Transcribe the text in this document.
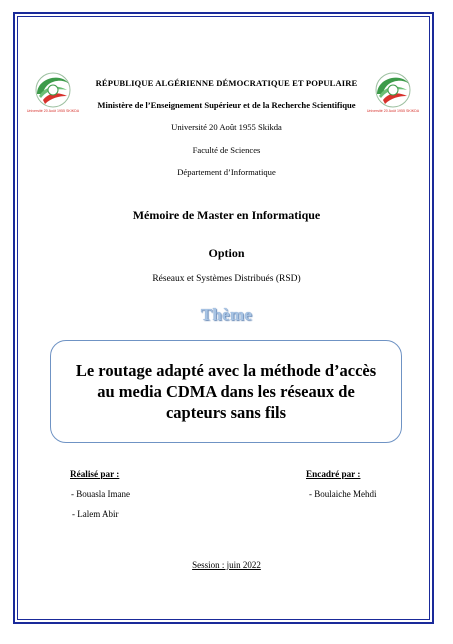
Université 20 Août 1955 SKIKDA	Université 20 Août 1955 SKIKDA
RÉPUBLIQUE ALGÉRIENNE DÉMOCRATIQUE ET POPULAIRE
Ministère de l’Enseignement Supérieur et de la Recherche Scientifique
Université 20 Août 1955 Skikda
Faculté de Sciences
Département d’Informatique
Mémoire de Master en Informatique
Option
Réseaux et Systèmes Distribués (RSD)
Thème
Le routage adapté avec la méthode d’accès
au media CDMA dans les réseaux de
capteurs sans fils
Réalisé par :	Encadré par :
- Bouasla Imane
- Lalem Abir
- Boulaiche Mehdi
Session : juin 2022
